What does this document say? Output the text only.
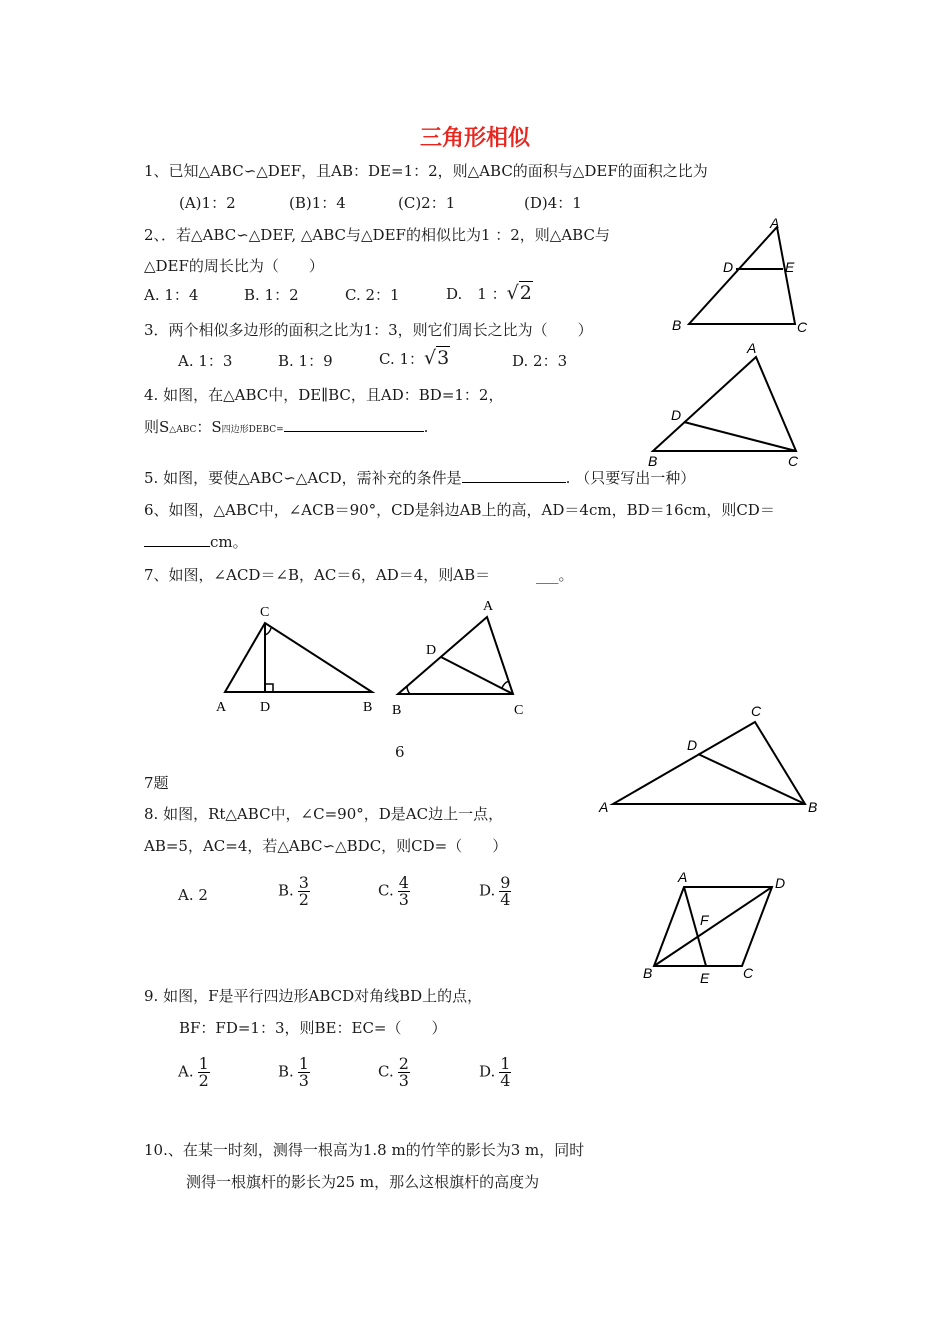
三角形相似
1、已知△ABC∽△DEF，且AB：DE=1：2，则△ABC的面积与△DEF的面积之比为
(A)1：2	(B)1：4	(C)2：1	(D)4：1
2、．若△ABC∽△DEF, △ABC与△DEF的相似比为1 ：2，则△ABC与
△DEF的周长比为（　　）
A. 1：4	B. 1：2	C. 2：1	D.　1 ：√2
3．两个相似多边形的面积之比为1：3，则它们周长之比为（　　）
A. 1：3	B. 1：9	C. 1：√3	D. 2：3
4. 如图，在△ABC中，DE∥BC，且AD：BD=1：2，
则S△ABC：S四边形DEBC=	.
5. 如图，要使△ABC∽△ACD，需补充的条件是	. （只要写出一种）
6、如图，△ABC中，∠ACB＝90°，CD是斜边AB上的高，AD＝4cm，BD＝16cm，则CD＝
cm。
7、如图，∠ACD＝∠B，AC＝6，AD＝4，则AB＝	___。
6
7题
8. 如图，Rt△ABC中，∠C=90°，D是AC边上一点，
AB=5，AC=4，若△ABC∽△BDC，则CD=（　　）
A. 2	B. $\frac{3}{2}$	C. $\frac{4}{3}$	D. $\frac{9}{4}$
9. 如图，F是平行四边形ABCD对角线BD上的点，
BF：FD=1：3，则BE：EC=（　　）
A. $\frac{1}{2}$	B. $\frac{1}{3}$	C. $\frac{2}{3}$	D. $\frac{1}{4}$
10.、在某一时刻，测得一根高为1.8 m的竹竿的影长为3 m，同时
测得一根旗杆的影长为25 m，那么这根旗杆的高度为
A
D	E
B	C
A
D
B	C
C
A D	B
A
D
B	C	C
D
A	B
A	D
F
B	E C
